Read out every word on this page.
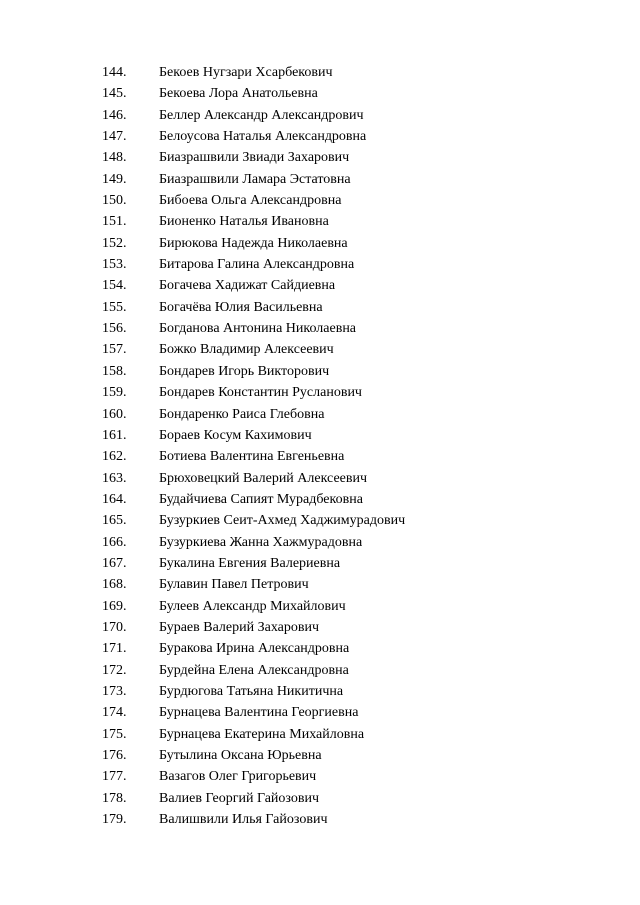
144. Бекоев Нугзари Хсарбекович
145. Бекоева Лора Анатольевна
146. Беллер Александр Александрович
147. Белоусова Наталья Александровна
148. Биазрашвили Звиади Захарович
149. Биазрашвили Ламара Эстатовна
150. Бибоева Ольга Александровна
151. Бионенко Наталья Ивановна
152. Бирюкова Надежда Николаевна
153. Битарова Галина Александровна
154. Богачева Хадижат Сайдиевна
155. Богачёва Юлия Васильевна
156. Богданова Антонина Николаевна
157. Божко Владимир Алексеевич
158. Бондарев Игорь Викторович
159. Бондарев Константин Русланович
160. Бондаренко Раиса Глебовна
161. Бораев Косум Кахимович
162. Ботиева Валентина Евгеньевна
163. Брюховецкий Валерий Алексеевич
164. Будайчиева Сапият Мурадбековна
165. Бузуркиев Сеит-Ахмед Хаджимурадович
166. Бузуркиева Жанна Хажмурадовна
167. Букалина Евгения Валериевна
168. Булавин Павел Петрович
169. Булеев Александр Михайлович
170. Бураев Валерий Захарович
171. Буракова Ирина Александровна
172. Бурдейна Елена Александровна
173. Бурдюгова Татьяна Никитична
174. Бурнацева Валентина Георгиевна
175. Бурнацева Екатерина Михайловна
176. Бутылина Оксана Юрьевна
177. Вазагов Олег Григорьевич
178. Валиев Георгий Гайозович
179. Валишвили Илья Гайозович
